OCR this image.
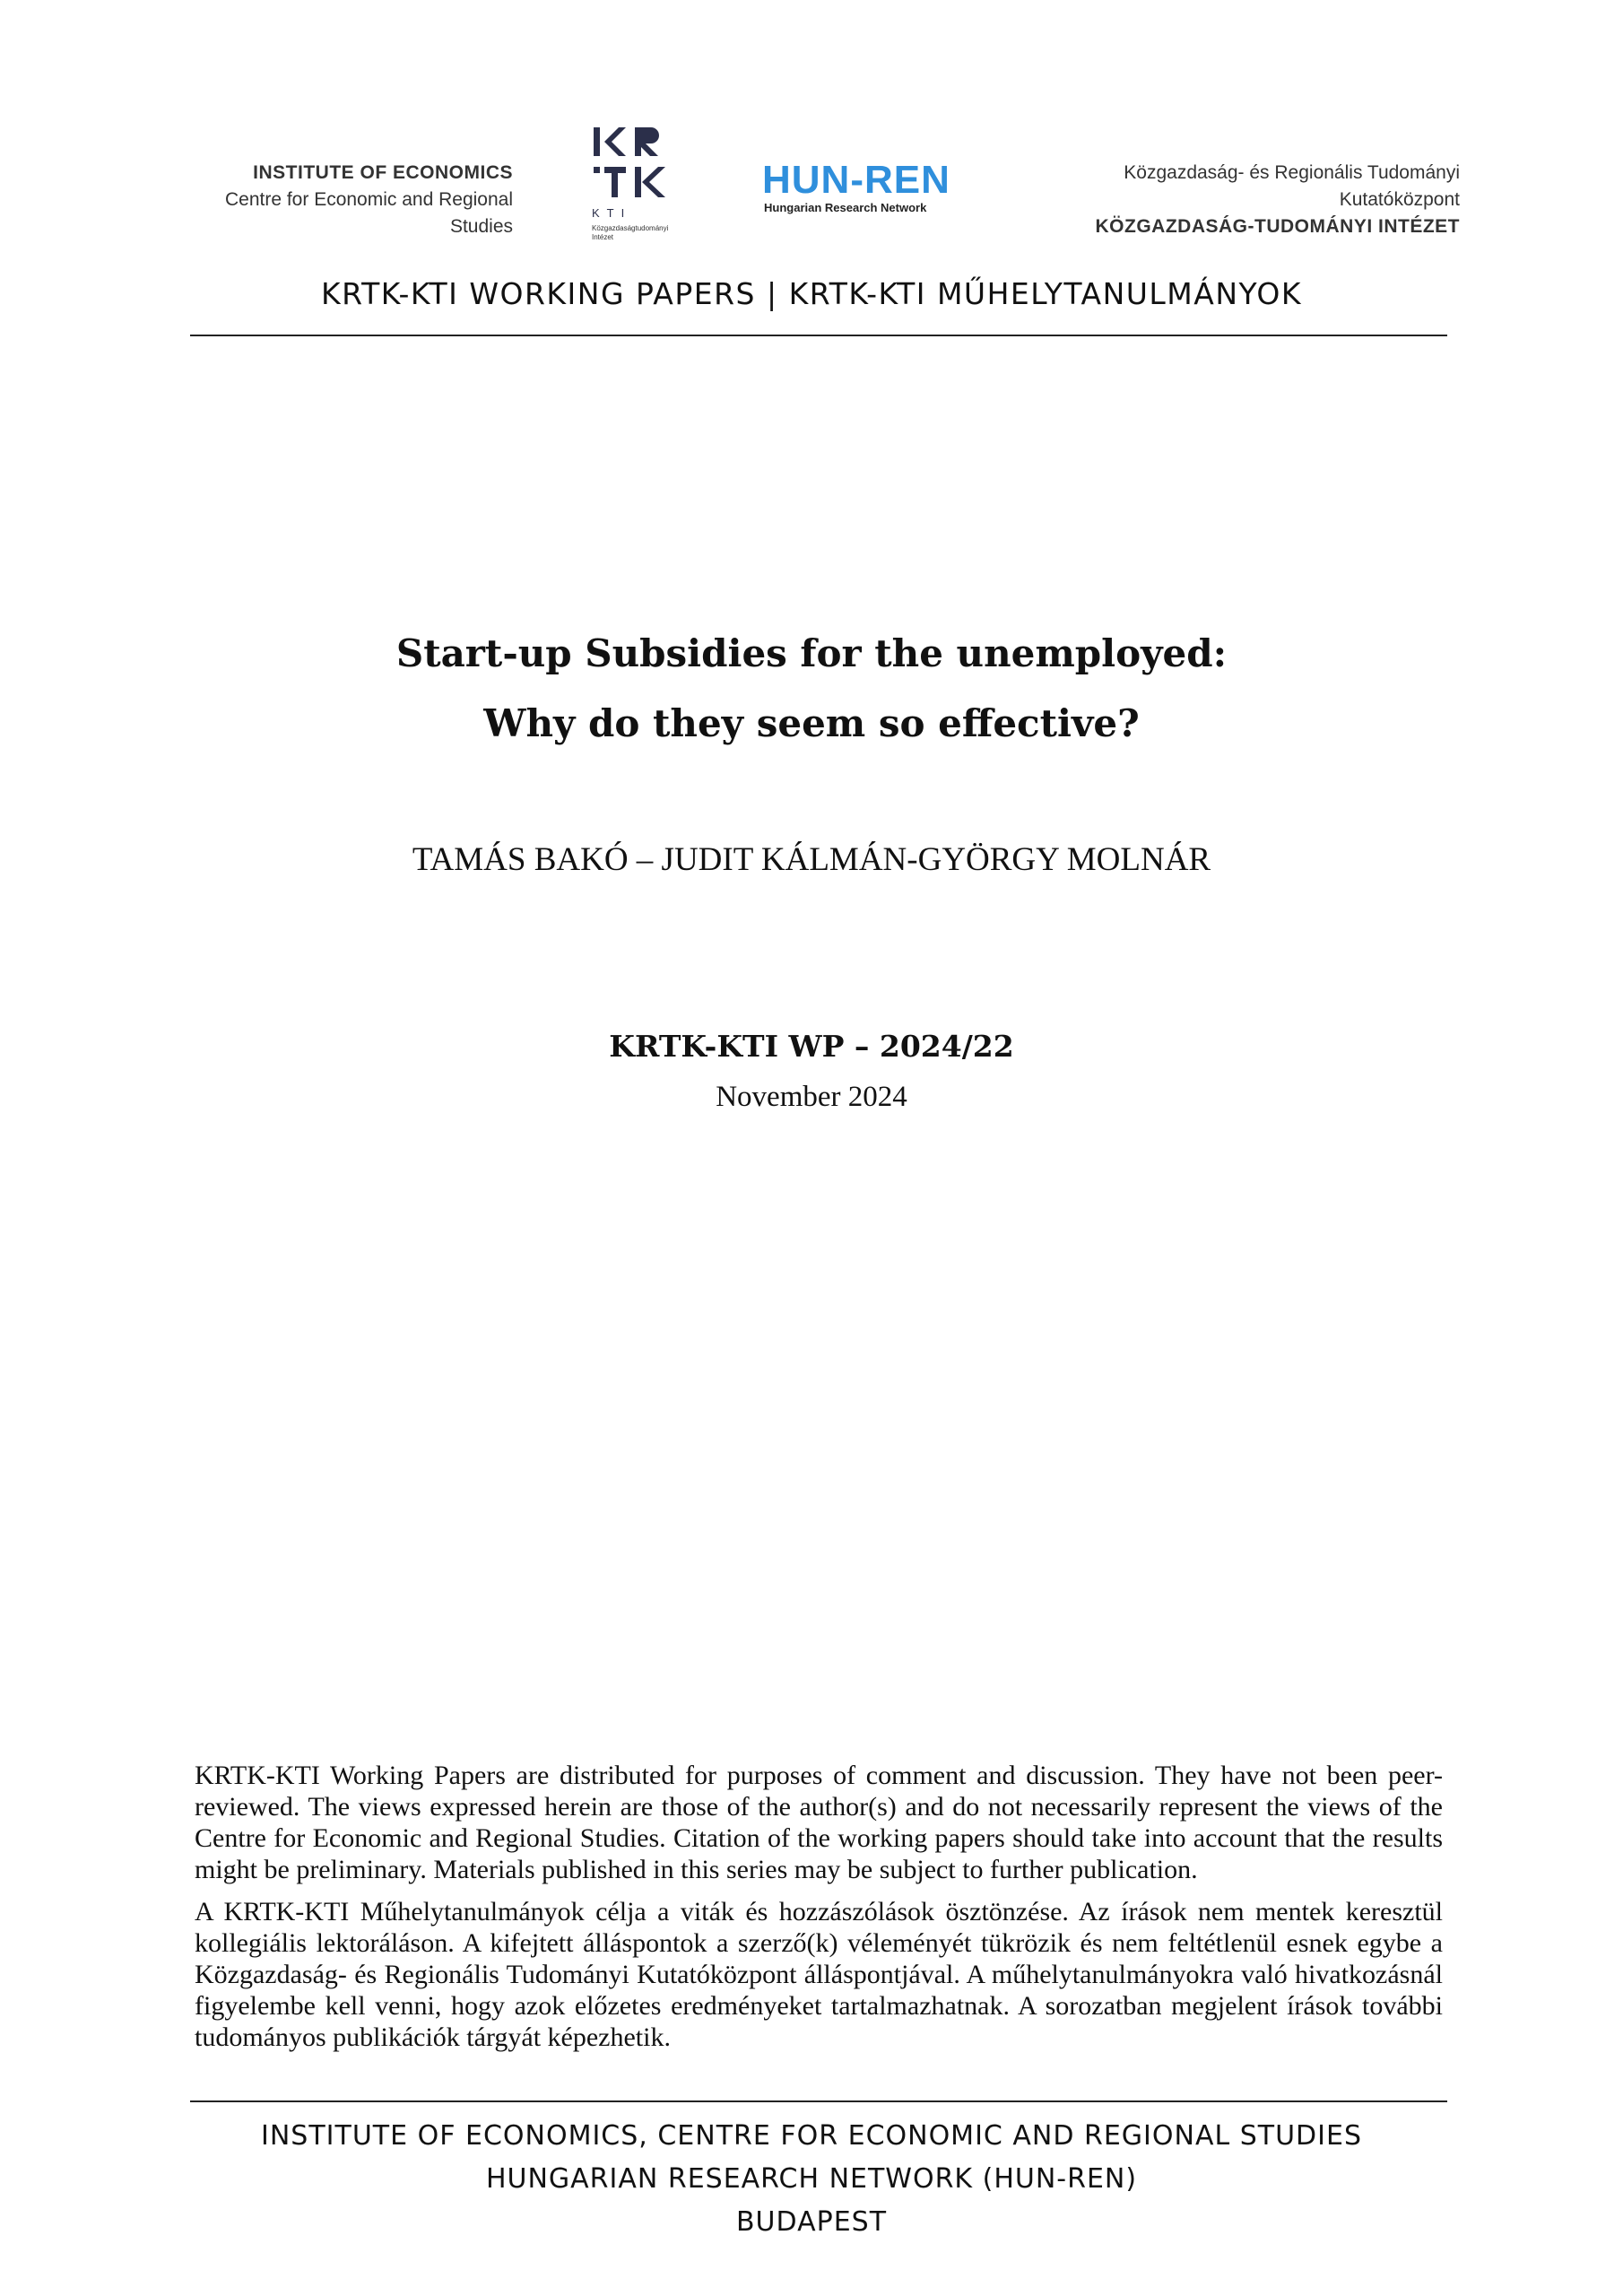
INSTITUTE OF ECONOMICS
Centre for Economic and Regional Studies
KTI
Közgazdaságtudományi Intézet
HUN-REN
Hungarian Research Network
Közgazdaság- és Regionális Tudományi Kutatóközpont
KÖZGAZDASÁG-TUDOMÁNYI INTÉZET
KRTK-KTI WORKING PAPERS | KRTK-KTI MŰHELYTANULMÁNYOK
Start-up Subsidies for the unemployed:
Why do they seem so effective?
TAMÁS BAKÓ – JUDIT KÁLMÁN-GYÖRGY MOLNÁR
KRTK-KTI WP – 2024/22
November 2024

KRTK-KTI Working Papers are distributed for purposes of comment and discussion. They have not been peer-reviewed. The views expressed herein are those of the author(s) and do not necessarily represent the views of the Centre for Economic and Regional Studies. Citation of the working papers should take into account that the results might be preliminary. Materials published in this series may be subject to further publication.

A KRTK-KTI Műhelytanulmányok célja a viták és hozzászólások ösztönzése. Az írások nem mentek keresztül kollegiális lektoráláson. A kifejtett álláspontok a szerző(k) véleményét tükrözik és nem feltétlenül esnek egybe a Közgazdaság- és Regionális Tudományi Kutatóközpont álláspontjával. A műhelytanulmányokra való hivatkozásnál figyelembe kell venni, hogy azok előzetes eredményeket tartalmazhatnak. A sorozatban megjelent írások további tudományos publikációk tárgyát képezhetik.

INSTITUTE OF ECONOMICS, CENTRE FOR ECONOMIC AND REGIONAL STUDIES
HUNGARIAN RESEARCH NETWORK (HUN-REN)
BUDAPEST
